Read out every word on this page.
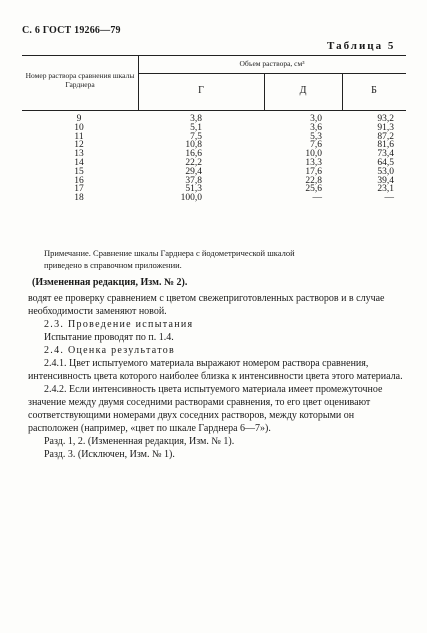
С. 6 ГОСТ 19266—79
Таблица 5
Номер раствора сравнения шкалы Гарднера
Объем раствора, см³
Г	Д	Б
9
10
11
12
13
14
15
16
17
18
3,8
5,1
7,5
10,8
16,6
22,2
29,4
37,8
51,3
100,0
3,0
3,6
5,3
7,6
10,0
13,3
17,6
22,8
25,6
—
93,2
91,3
87,2
81,6
73,4
64,5
53,0
39,4
23,1
—
Примечание. Сравнение шкалы Гарднера с йодометрической шкалой
приведено в справочном приложении.
(Измененная редакция, Изм. № 2).

водят ее проверку сравнением с цветом свежеприготовленных растворов и в случае необходимости заменяют новой.

2.3. Проведение испытания

Испытание проводят по п. 1.4.

2.4. Оценка результатов

2.4.1. Цвет испытуемого материала выражают номером раствора сравнения, интенсивность цвета которого наиболее близка к интенсивности цвета этого материала.

2.4.2. Если интенсивность цвета испытуемого материала имеет промежуточное значение между двумя соседними растворами сравнения, то его цвет оценивают соответствующими номерами двух соседних растворов, между которыми он расположен (например, «цвет по шкале Гарднера 6—7»).

Разд. 1, 2. (Измененная редакция, Изм. № 1).

Разд. 3. (Исключен, Изм. № 1).
